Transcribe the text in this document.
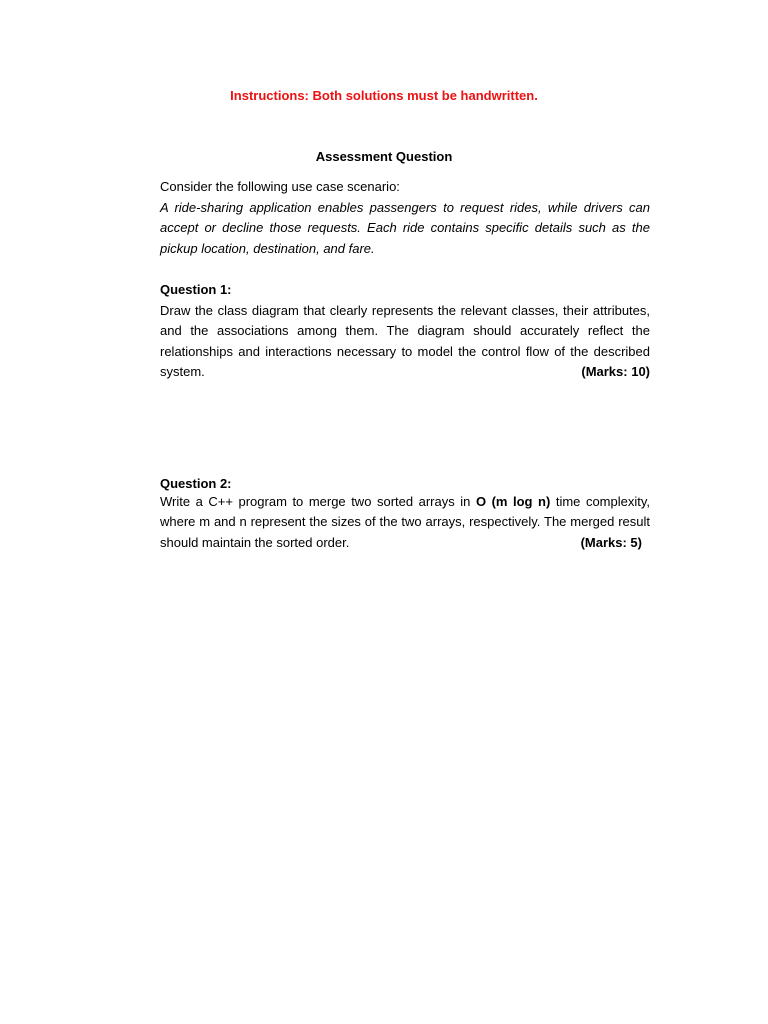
Instructions: Both solutions must be handwritten.
Assessment Question
Consider the following use case scenario:
A ride-sharing application enables passengers to request rides, while drivers can accept or decline those requests. Each ride contains specific details such as the pickup location, destination, and fare.
Question 1:
Draw the class diagram that clearly represents the relevant classes, their attributes, and the associations among them. The diagram should accurately reflect the relationships and interactions necessary to model the control flow of the described system.	(Marks: 10)
Question 2:
Write a C++ program to merge two sorted arrays in O (m log n) time complexity, where m and n represent the sizes of the two arrays, respectively. The merged result should maintain the sorted order.	(Marks: 5)
